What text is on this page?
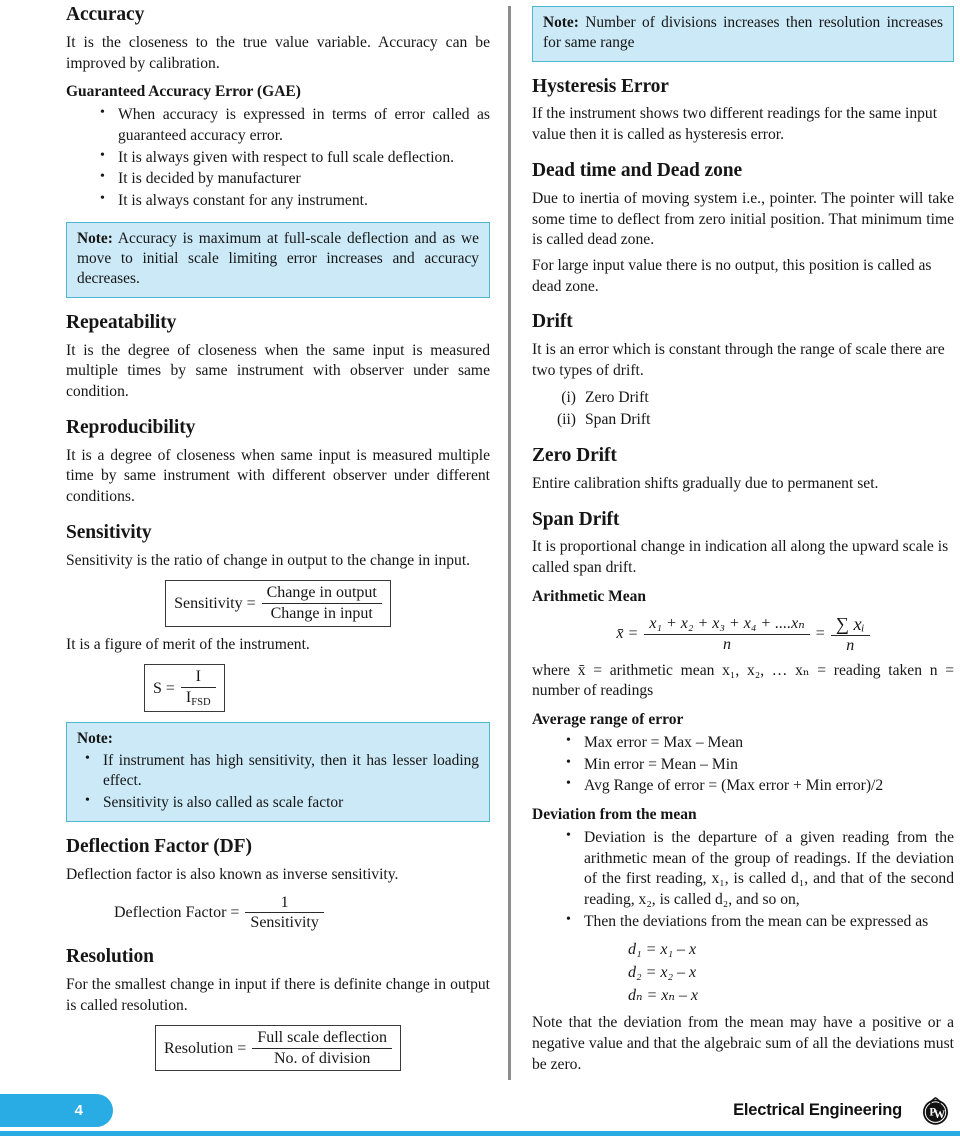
Accuracy

It is the closeness to the true value variable. Accuracy can be improved by calibration.

Guaranteed Accuracy Error (GAE)
• When accuracy is expressed in terms of error called as guaranteed accuracy error.
• It is always given with respect to full scale deflection.
• It is decided by manufacturer
• It is always constant for any instrument.

Note: Accuracy is maximum at full-scale deflection and as we move to initial scale limiting error increases and accuracy decreases.

Repeatability

It is the degree of closeness when the same input is measured multiple times by same instrument with observer under same condition.

Reproducibility

It is a degree of closeness when same input is measured multiple time by same instrument with different observer under different conditions.

Sensitivity

Sensitivity is the ratio of change in output to the change in input.

Sensitivity = $\frac{\text{Change in output}}{\text{Change in input}}$

It is a figure of merit of the instrument.

$S = \frac{I}{I_{FSD}}$

Note:

• If instrument has high sensitivity, then it has lesser loading effect.
• Sensitivity is also called as scale factor
Deflection Factor (DF)

Deflection factor is also known as inverse sensitivity.

Deflection Factor = $\frac{1}{\text{Sensitivity}}$
Resolution

For the smallest change in input if there is definite change in output is called resolution.

Resolution = $\frac{\text{Full scale deflection}}{\text{No. of division}}$

Note: Number of divisions increases then resolution increases for same range

Hysteresis Error

If the instrument shows two different readings for the same input value then it is called as hysteresis error.

Dead time and Dead zone

Due to inertia of moving system i.e., pointer. The pointer will take some time to deflect from zero initial position. That minimum time is called dead zone.

For large input value there is no output, this position is called as dead zone.

Drift

It is an error which is constant through the range of scale there are two types of drift.

(i) Zero Drift
(ii) Span Drift
Zero Drift

Entire calibration shifts gradually due to permanent set.

Span Drift

It is proportional change in indication all along the upward scale is called span drift.

Arithmetic Mean
x̄ = $\frac{\text{x₁ + x₂ + x₃ + x₄ + ....xₙ}}{n} = \frac{\text{∑ xᵢ}}{n}$

where x̄ = arithmetic mean x₁, x₂, … xₙ = reading taken n = number of readings

Average range of error
• Max error = Max – Mean
• Min error = Mean – Min
• Avg Range of error = (Max error + Min error)/2
Deviation from the mean
• Deviation is the departure of a given reading from the arithmetic mean of the group of readings. If the deviation of the first reading, x₁, is called d₁, and that of the second reading, x₂, is called d₂, and so on,
• Then the deviations from the mean can be expressed as
d₁ = x₁ – x
d₂ = x₂ – x
dₙ = xₙ – x

Note that the deviation from the mean may have a positive or a negative value and that the algebraic sum of all the deviations must be zero.

4	Electrical Engineering P
W
